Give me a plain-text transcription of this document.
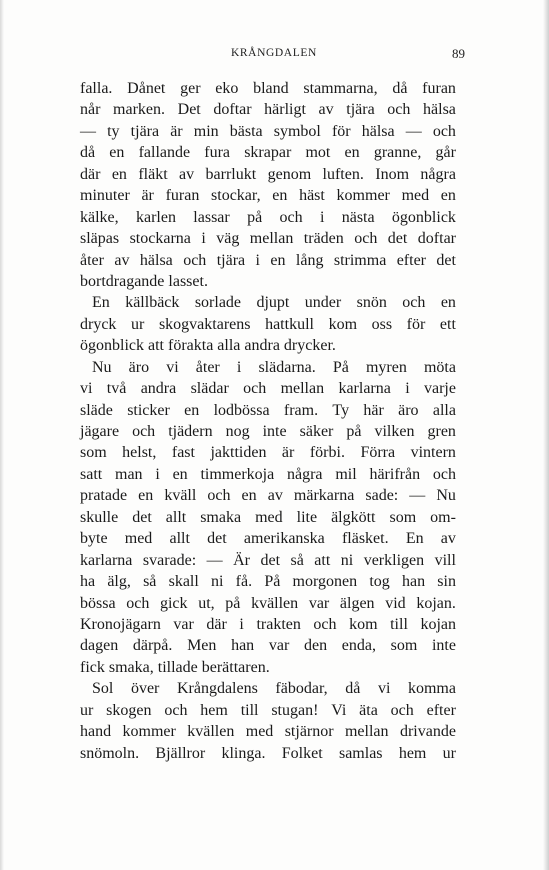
KRÅNGDALEN	89
falla. Dånet ger eko bland stammarna, då furan
når marken. Det doftar härligt av tjära och hälsa
— ty tjära är min bästa symbol för hälsa — och
då en fallande fura skrapar mot en granne, går
där en fläkt av barrlukt genom luften. Inom några
minuter är furan stockar, en häst kommer med en
kälke, karlen lassar på och i nästa ögonblick
släpas stockarna i väg mellan träden och det doftar
åter av hälsa och tjära i en lång strimma efter det
bortdragande lasset.
En källbäck sorlade djupt under snön och en
dryck ur skogvaktarens hattkull kom oss för ett
ögonblick att förakta alla andra drycker.
Nu äro vi åter i slädarna. På myren möta
vi två andra slädar och mellan karlarna i varje
släde sticker en lodbössa fram. Ty här äro alla
jägare och tjädern nog inte säker på vilken gren
som helst, fast jakttiden är förbi. Förra vintern
satt man i en timmerkoja några mil härifrån och
pratade en kväll och en av märkarna sade: — Nu
skulle det allt smaka med lite älgkött som om-
byte med allt det amerikanska fläsket. En av
karlarna svarade: — Är det så att ni verkligen vill
ha älg, så skall ni få. På morgonen tog han sin
bössa och gick ut, på kvällen var älgen vid kojan.
Kronojägarn var där i trakten och kom till kojan
dagen därpå. Men han var den enda, som inte
fick smaka, tillade berättaren.
Sol över Krångdalens fäbodar, då vi komma
ur skogen och hem till stugan! Vi äta och efter
hand kommer kvällen med stjärnor mellan drivande
snömoln. Bjällror klinga. Folket samlas hem ur
